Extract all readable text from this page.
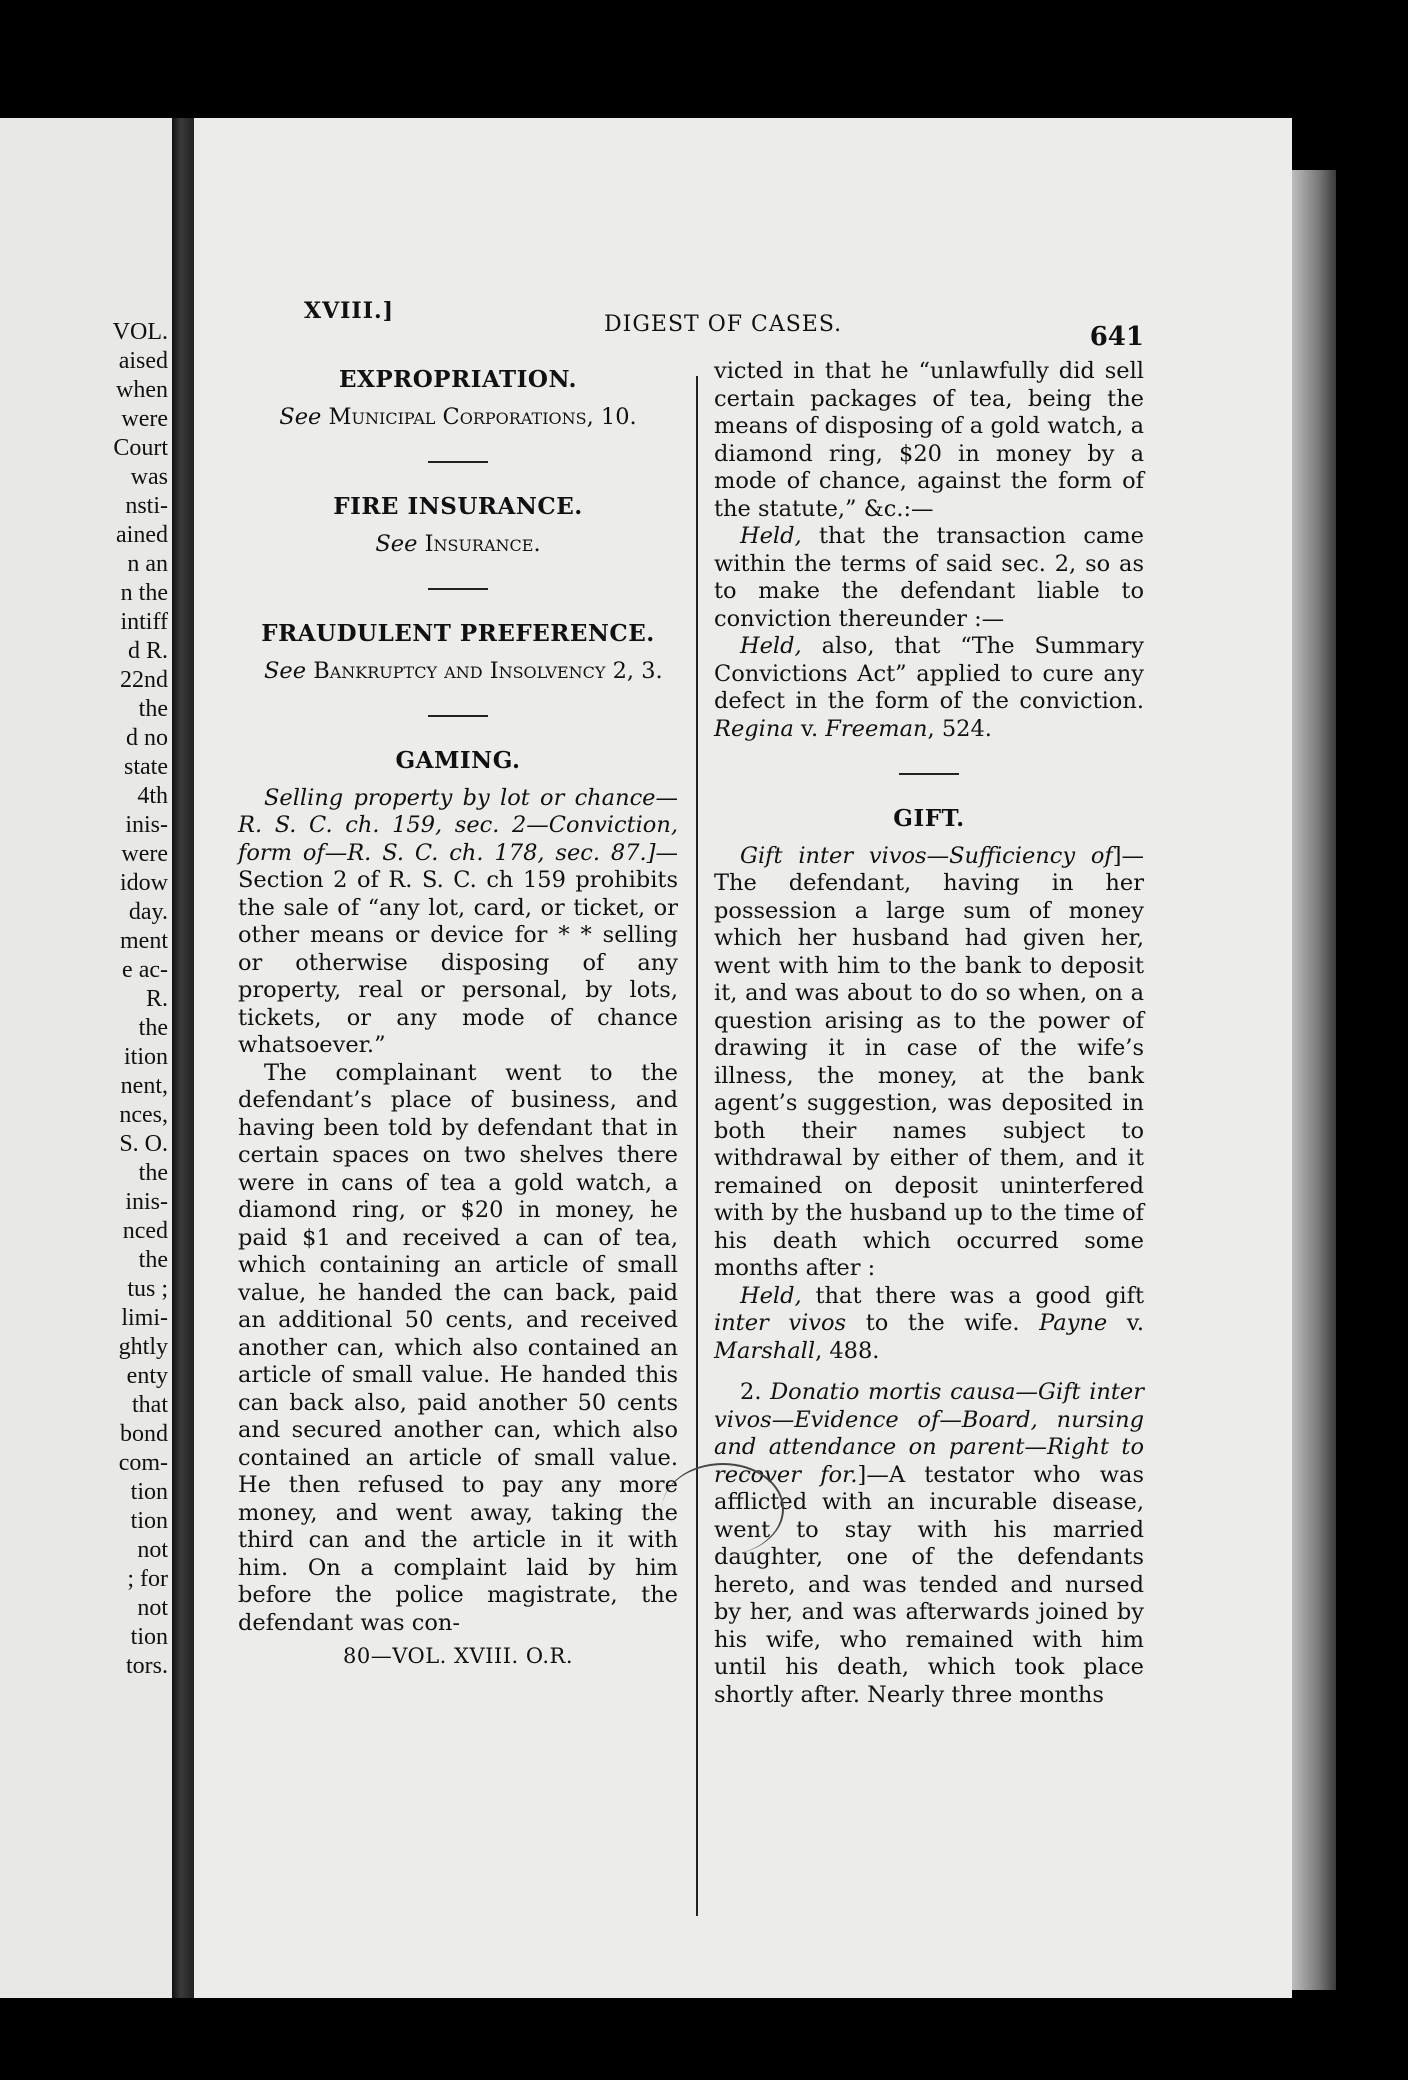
VOL.
aised
when
were
Court
was
nsti-
ained
n an
n the
intiff
d R.
22nd
the
d no
state
4th
inis-
were
idow
day.
ment
e ac-
R.
the
ition
nent,
nces,
S. O.
the
inis-
nced
the
tus ;
limi-
ghtly
enty
that
bond
com-
tion
tion
not
; for
not
tion
tors.
XVIII.]
DIGEST OF CASES.	641
EXPROPRIATION.
See Municipal Corporations, 10.
FIRE INSURANCE.
See Insurance.
FRAUDULENT PREFERENCE.
See Bankruptcy and Insolvency 2, 3.
GAMING.

Selling property by lot or chance—R. S. C. ch. 159, sec. 2—Conviction, form of—R. S. C. ch. 178, sec. 87.]—Section 2 of R. S. C. ch 159 prohibits the sale of “any lot, card, or ticket, or other means or device for * * selling or otherwise disposing of any property, real or personal, by lots, tickets, or any mode of chance whatsoever.”

The complainant went to the defendant’s place of business, and having been told by defendant that in certain spaces on two shelves there were in cans of tea a gold watch, a diamond ring, or $20 in money, he paid $1 and received a can of tea, which containing an article of small value, he handed the can back, paid an additional 50 cents, and received another can, which also contained an article of small value. He handed this can back also, paid another 50 cents and secured another can, which also contained an article of small value. He then refused to pay any more money, and went away, taking the third can and the article in it with him. On a complaint laid by him before the police magistrate, the defendant was con-

80—VOL. XVIII. O.R.

victed in that he “unlawfully did sell certain packages of tea, being the means of disposing of a gold watch, a diamond ring, $20 in money by a mode of chance, against the form of the statute,” &c.:—

Held, that the transaction came within the terms of said sec. 2, so as to make the defendant liable to conviction thereunder :—

Held, also, that “The Summary Convictions Act” applied to cure any defect in the form of the conviction. Regina v. Freeman, 524.

GIFT.

Gift inter vivos—Sufficiency of]—The defendant, having in her possession a large sum of money which her husband had given her, went with him to the bank to deposit it, and was about to do so when, on a question arising as to the power of drawing it in case of the wife’s illness, the money, at the bank agent’s suggestion, was deposited in both their names subject to withdrawal by either of them, and it remained on deposit uninterfered with by the husband up to the time of his death which occurred some months after :

Held, that there was a good gift inter vivos to the wife. Payne v. Marshall, 488.

2. Donatio mortis causa—Gift inter vivos—Evidence of—Board, nursing and attendance on parent—Right to recover for.]—A testator who was afflicted with an incurable disease, went to stay with his married daughter, one of the defendants hereto, and was tended and nursed by her, and was afterwards joined by his wife, who remained with him until his death, which took place shortly after. Nearly three months
